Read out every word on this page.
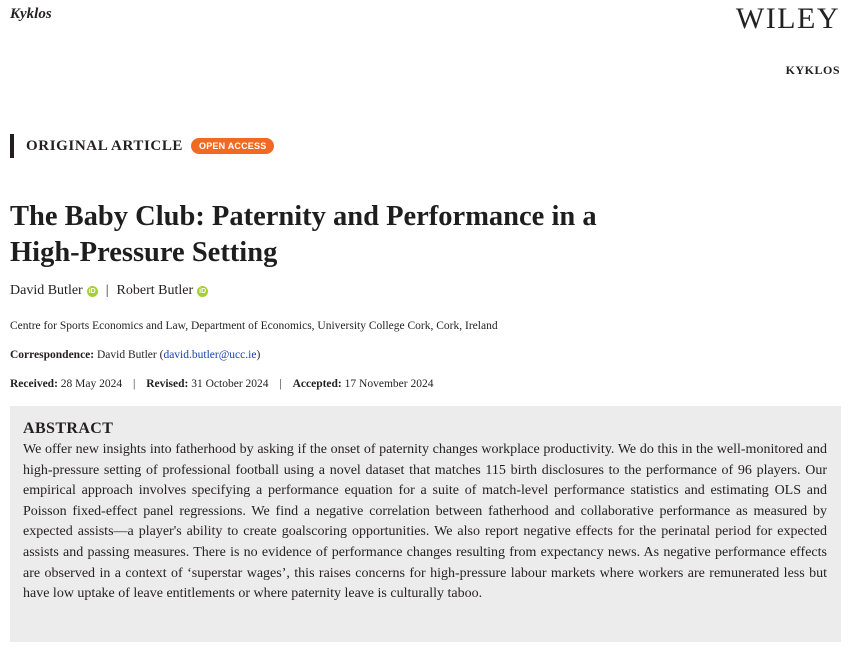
Kyklos	WILEY
KYKLOS
ORIGINAL ARTICLE	OPEN ACCESS
The Baby Club: Paternity and Performance in a High-Pressure Setting
David Butler iD | Robert Butler iD
Centre for Sports Economics and Law, Department of Economics, University College Cork, Cork, Ireland
Correspondence: David Butler (david.butler@ucc.ie)
Received: 28 May 2024 | Revised: 31 October 2024 | Accepted: 17 November 2024
ABSTRACT

We offer new insights into fatherhood by asking if the onset of paternity changes workplace productivity. We do this in the well-monitored and high-pressure setting of professional football using a novel dataset that matches 115 birth disclosures to the performance of 96 players. Our empirical approach involves specifying a performance equation for a suite of match-level performance statistics and estimating OLS and Poisson fixed-effect panel regressions. We find a negative correlation between fatherhood and collaborative performance as measured by expected assists—a player's ability to create goalscoring opportunities. We also report negative effects for the perinatal period for expected assists and passing measures. There is no evidence of performance changes resulting from expectancy news. As negative performance effects are observed in a context of ‘superstar wages’, this raises concerns for high-pressure labour markets where workers are remunerated less but have low uptake of leave entitlements or where paternity leave is culturally taboo.
